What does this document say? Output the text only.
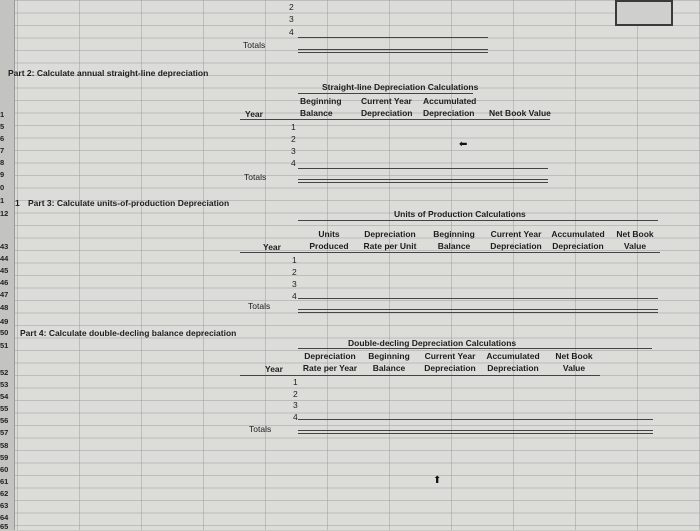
1
5
6
7
8
9
0
1
12
43
44
45
46
47
48
49
50
51
52
53
54
55
56
57
58
59
60
61
62
63
64
65
2
3
4
Totals
Part 2: Calculate annual straight-line depreciation
Straight-line Depreciation Calculations
Beginning
Balance
Current Year
Depreciation
Accumulated
Depreciation Net Book Value
Year
1
2
3
4
Totals
⬅
1 Part 3: Calculate units-of-production Depreciation
Units of Production Calculations
Units
Produced
Depreciation
Rate per Unit
Beginning
Balance
Current Year
Depreciation
Accumulated
Depreciation
Net Book
Value
Year
1
2
3
4
Totals
Part 4: Calculate double-decling balance depreciation
Double-decling Depreciation Calculations
Depreciation
Rate per Year
Beginning
Balance
Current Year
Depreciation
Accumulated
Depreciation
Net Book
Value
Year
1
2
3
4
Totals
⬆
